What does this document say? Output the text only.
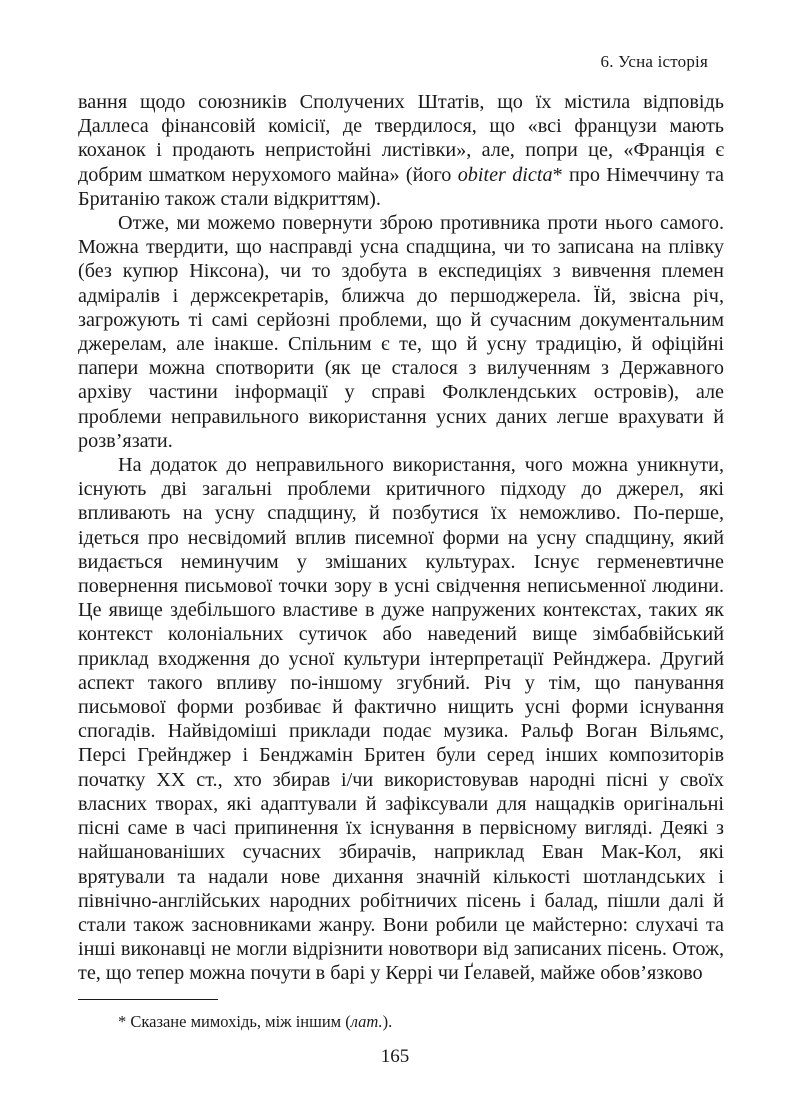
6. Усна історія

вання щодо союзників Сполучених Штатів, що їх містила відповідь Даллеса фінансовій комісії, де твердилося, що «всі французи мають коханок і продають непристойні листівки», але, попри це, «Франція є добрим шматком нерухомого майна» (його obiter dicta* про Німеччину та Британію також стали відкриттям).

Отже, ми можемо повернути зброю противника проти нього самого. Можна твердити, що насправді усна спадщина, чи то записана на плівку (без купюр Ніксона), чи то здобута в експедиціях з вивчення племен адміралів і держсекретарів, ближча до першоджерела. Їй, звісна річ, загрожують ті самі серйозні проблеми, що й сучасним документальним джерелам, але інакше. Спільним є те, що й усну традицію, й офіційні папери можна спотворити (як це сталося з вилученням з Державного архіву частини інформації у справі Фолклендських островів), але проблеми неправильного використання усних даних легше врахувати й розв’язати.

На додаток до неправильного використання, чого можна уникнути, існують дві загальні проблеми критичного підходу до джерел, які впливають на усну спадщину, й позбутися їх неможливо. По-перше, ідеться про несвідомий вплив писемної форми на усну спадщину, який видається неминучим у змішаних культурах. Існує герменевтичне повернення письмової точки зору в усні свідчення неписьменної людини. Це явище здебільшого властиве в дуже напружених контекстах, таких як контекст колоніальних сутичок або наведений вище зімбабвійський приклад входження до усної культури інтерпретації Рейнджера. Другий аспект такого впливу по-іншому згубний. Річ у тім, що панування письмової форми розбиває й фактично нищить усні форми існування спогадів. Найвідоміші приклади подає музика. Ральф Воган Вільямс, Персі Грейнджер і Бенджамін Бритен були серед інших композиторів початку XX ст., хто збирав і/чи використовував народні пісні у своїх власних творах, які адаптували й зафіксували для нащадків оригінальні пісні саме в часі припинення їх існування в первісному вигляді. Деякі з найшанованіших сучасних збирачів, наприклад Еван Мак-Кол, які врятували та надали нове дихання значній кількості шотландських і північно-англійських народних робітничих пісень і балад, пішли далі й стали також засновниками жанру. Вони робили це майстерно: слухачі та інші виконавці не могли відрізнити новотвори від записаних пісень. Отож, те, що тепер можна почути в барі у Керрі чи Ґелавей, майже обов’язково

* Сказане мимохідь, між іншим (лат.).
165
